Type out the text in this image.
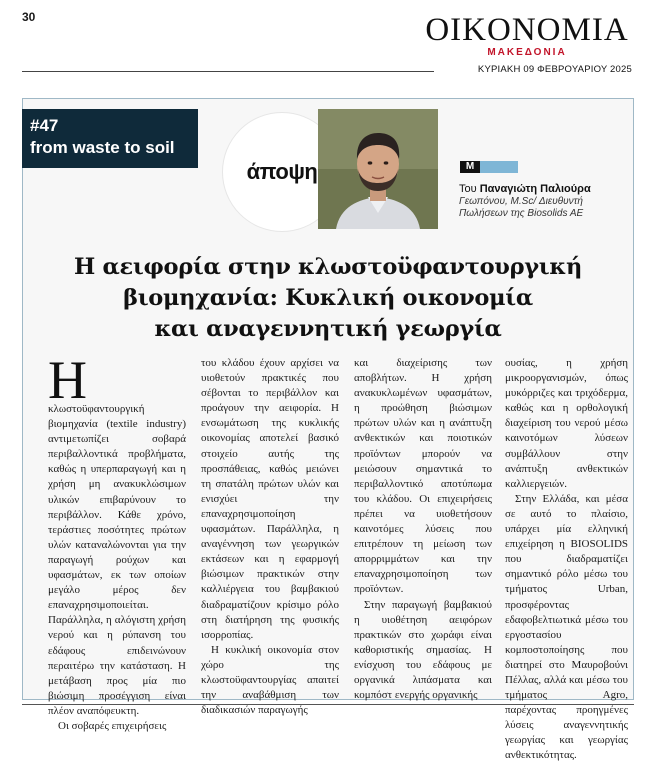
30	OIKONOMIA
ΜΑΚΕΔΟΝΙΑ
ΚΥΡΙΑΚΗ 09 ΦΕΒΡΟΥΑΡΙΟΥ 2025
#47
from waste to soil
άποψη	M
Του Παναγιώτη Παλιούρα
Γεωπόνου, M.Sc/ Διευθυντή Πωλήσεων της Biosolids AE
Η αειφορία στην κλωστοϋφαντουργική
βιομηχανία: Κυκλική οικονομία
και αναγεννητική γεωργία

Η
κλωστοϋφαντουργική βιομηχανία (textile industry) αντιμετωπίζει σοβαρά περιβαλλοντικά προβλήματα, καθώς η υπερπαραγωγή και η χρήση μη ανακυκλώσιμων υλικών επιβαρύνουν το περιβάλλον. Κάθε χρόνο, τεράστιες ποσότητες πρώτων υλών καταναλώνονται για την παραγωγή ρούχων και υφασμάτων, εκ των οποίων μεγάλο μέρος δεν επαναχρησιμοποιείται. Παράλληλα, η αλόγιστη χρήση νερού και η ρύπανση του εδάφους επιδεινώνουν περαιτέρω την κατάσταση. Η μετάβαση προς μία πιο βιώσιμη προσέγγιση είναι πλέον αναπόφευκτη.

Οι σοβαρές επιχειρήσεις

του κλάδου έχουν αρχίσει να υιοθετούν πρακτικές που σέβονται το περιβάλλον και προάγουν την αειφορία. Η ενσωμάτωση της κυκλικής οικονομίας αποτελεί βασικό στοιχείο αυτής της προσπάθειας, καθώς μειώνει τη σπατάλη πρώτων υλών και ενισχύει την επαναχρησιμοποίηση υφασμάτων. Παράλληλα, η αναγέννηση των γεωργικών εκτάσεων και η εφαρμογή βιώσιμων πρακτικών στην καλλιέργεια του βαμβακιού διαδραματίζουν κρίσιμο ρόλο στη διατήρηση της φυσικής ισορροπίας.

Η κυκλική οικονομία στον χώρο της κλωστοϋφαντουργίας απαιτεί την αναβάθμιση των διαδικασιών παραγωγής

και διαχείρισης των αποβλήτων. Η χρήση ανακυκλωμένων υφασμάτων, η προώθηση βιώσιμων πρώτων υλών και η ανάπτυξη ανθεκτικών και ποιοτικών προϊόντων μπορούν να μειώσουν σημαντικά το περιβαλλοντικό αποτύπωμα του κλάδου. Οι επιχειρήσεις πρέπει να υιοθετήσουν καινοτόμες λύσεις που επιτρέπουν τη μείωση των απορριμμάτων και την επαναχρησιμοποίηση των προϊόντων.

Στην παραγωγή βαμβακιού η υιοθέτηση αειφόρων πρακτικών στο χωράφι είναι καθοριστικής σημασίας. Η ενίσχυση του εδάφους με οργανικά λιπάσματα και κομπόστ ενεργής οργανικής

ουσίας, η χρήση μικροοργανισμών, όπως μυκόρριζες και τριχόδερμα, καθώς και η ορθολογική διαχείριση του νερού μέσω καινοτόμων λύσεων συμβάλλουν στην ανάπτυξη ανθεκτικών καλλιεργειών.

Στην Ελλάδα, και μέσα σε αυτό το πλαίσιο, υπάρχει μία ελληνική επιχείρηση η BIOSOLIDS που διαδραματίζει σημαντικό ρόλο μέσω του τμήματος Urban, προσφέροντας εδαφοβελτιωτικά μέσω του εργοστασίου κομποστοποίησης που διατηρεί στο Μαυροβούνι Πέλλας, αλλά και μέσω του τμήματος Agro, παρέχοντας προηγμένες λύσεις αναγεννητικής γεωργίας και γεωργίας ανθεκτικότητας.
